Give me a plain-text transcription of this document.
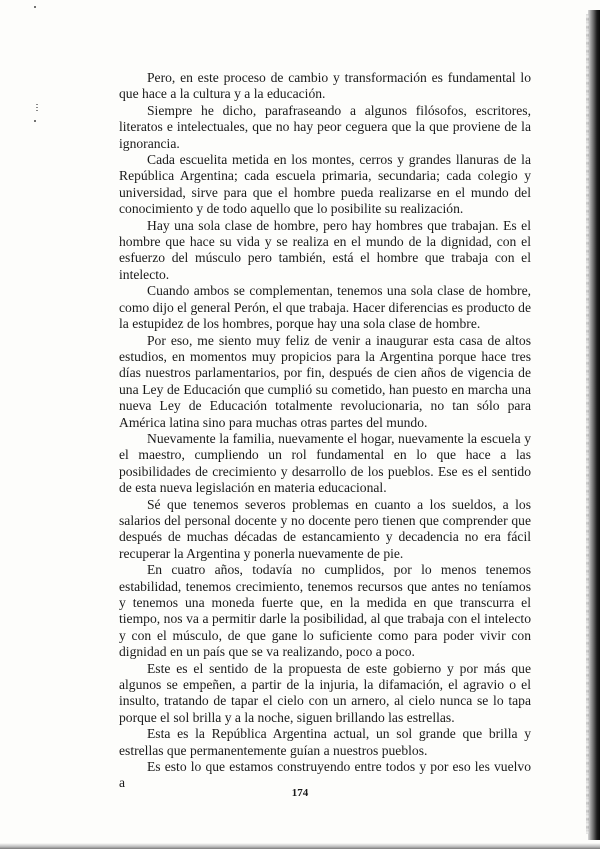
Pero, en este proceso de cambio y transformación es fundamental lo que hace a la cultura y a la educación.

Siempre he dicho, parafraseando a algunos filósofos, escritores, literatos e intelectuales, que no hay peor ceguera que la que proviene de la ignorancia.

Cada escuelita metida en los montes, cerros y grandes llanuras de la República Argentina; cada escuela primaria, secundaria; cada colegio y universidad, sirve para que el hombre pueda realizarse en el mundo del conocimiento y de todo aquello que lo posibilite su realización.

Hay una sola clase de hombre, pero hay hombres que trabajan. Es el hombre que hace su vida y se realiza en el mundo de la dignidad, con el esfuerzo del músculo pero también, está el hombre que trabaja con el intelecto.

Cuando ambos se complementan, tenemos una sola clase de hombre, como dijo el general Perón, el que trabaja. Hacer diferencias es producto de la estupidez de los hombres, porque hay una sola clase de hombre.

Por eso, me siento muy feliz de venir a inaugurar esta casa de altos estudios, en momentos muy propicios para la Argentina porque hace tres días nuestros parlamentarios, por fin, después de cien años de vigencia de una Ley de Educación que cumplió su cometido, han puesto en marcha una nueva Ley de Educación totalmente revolucionaria, no tan sólo para América latina sino para muchas otras partes del mundo.

Nuevamente la familia, nuevamente el hogar, nuevamente la escuela y el maestro, cumpliendo un rol fundamental en lo que hace a las posibilidades de crecimiento y desarrollo de los pueblos. Ese es el sentido de esta nueva legislación en materia educacional.

Sé que tenemos severos problemas en cuanto a los sueldos, a los salarios del personal docente y no docente pero tienen que comprender que después de muchas décadas de estancamiento y decadencia no era fácil recuperar la Argentina y ponerla nuevamente de pie.

En cuatro años, todavía no cumplidos, por lo menos tenemos estabilidad, tenemos crecimiento, tenemos recursos que antes no teníamos y tenemos una moneda fuerte que, en la medida en que transcurra el tiempo, nos va a permitir darle la posibilidad, al que trabaja con el intelecto y con el músculo, de que gane lo suficiente como para poder vivir con dignidad en un país que se va realizando, poco a poco.

Este es el sentido de la propuesta de este gobierno y por más que algunos se empeñen, a partir de la injuria, la difamación, el agravio o el insulto, tratando de tapar el cielo con un arnero, al cielo nunca se lo tapa porque el sol brilla y a la noche, siguen brillando las estrellas.

Esta es la República Argentina actual, un sol grande que brilla y estrellas que permanentemente guían a nuestros pueblos.

Es esto lo que estamos construyendo entre todos y por eso les vuelvo a

174
